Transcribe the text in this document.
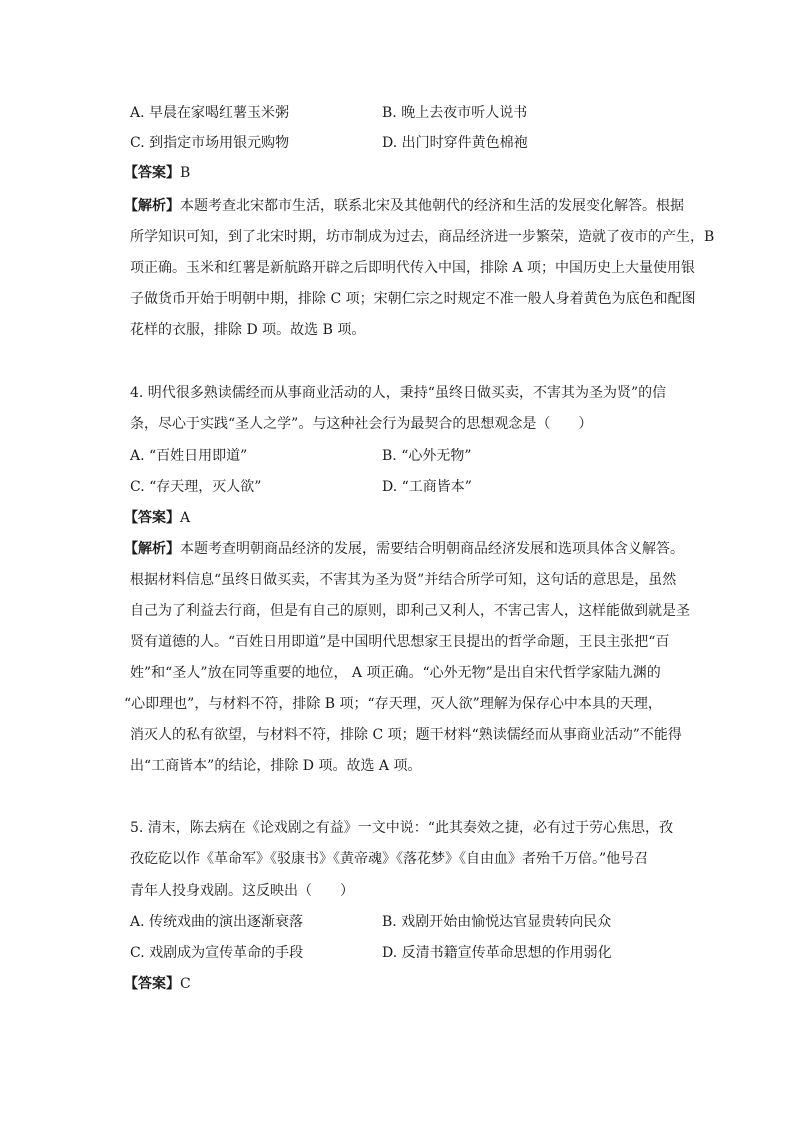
A. 早晨在家喝红薯玉米粥	B. 晚上去夜市听人说书
C. 到指定市场用银元购物	D. 出门时穿件黄色棉袍
【答案】B
【解析】本题考查北宋都市生活，联系北宋及其他朝代的经济和生活的发展变化解答。根据
所学知识可知，到了北宋时期，坊市制成为过去，商品经济进一步繁荣，造就了夜市的产生，B
项正确。玉米和红薯是新航路开辟之后即明代传入中国，排除 A 项；中国历史上大量使用银
子做货币开始于明朝中期，排除 C 项；宋朝仁宗之时规定不准一般人身着黄色为底色和配图
花样的衣服，排除 D 项。故选 B 项。
4. 明代很多熟读儒经而从事商业活动的人，秉持“虽终日做买卖，不害其为圣为贤”的信
条，尽心于实践“圣人之学”。与这种社会行为最契合的思想观念是（　　）
A. “百姓日用即道”	B. “心外无物”
C. “存天理，灭人欲”	D. “工商皆本”
【答案】A
【解析】本题考查明朝商品经济的发展，需要结合明朝商品经济发展和选项具体含义解答。
根据材料信息“虽终日做买卖，不害其为圣为贤”并结合所学可知，这句话的意思是，虽然
自己为了利益去行商，但是有自己的原则，即利己又利人，不害己害人，这样能做到就是圣
贤有道德的人。“百姓日用即道”是中国明代思想家王艮提出的哲学命题，王艮主张把“百
姓”和“圣人”放在同等重要的地位， A 项正确。“心外无物”是出自宋代哲学家陆九渊的
“心即理也”，与材料不符，排除 B 项；“存天理，灭人欲”理解为保存心中本具的天理，
消灭人的私有欲望，与材料不符，排除 C 项；题干材料“熟读儒经而从事商业活动”不能得
出“工商皆本”的结论，排除 D 项。故选 A 项。
5. 清末，陈去病在《论戏剧之有益》一文中说：“此其奏效之捷，必有过于劳心焦思，孜
孜矻矻以作《革命军》《驳康书》《黄帝魂》《落花梦》《自由血》者殆千万倍。”他号召
青年人投身戏剧。这反映出（　　）
A. 传统戏曲的演出逐渐衰落	B. 戏剧开始由愉悦达官显贵转向民众
C. 戏剧成为宣传革命的手段	D. 反清书籍宣传革命思想的作用弱化
【答案】C
